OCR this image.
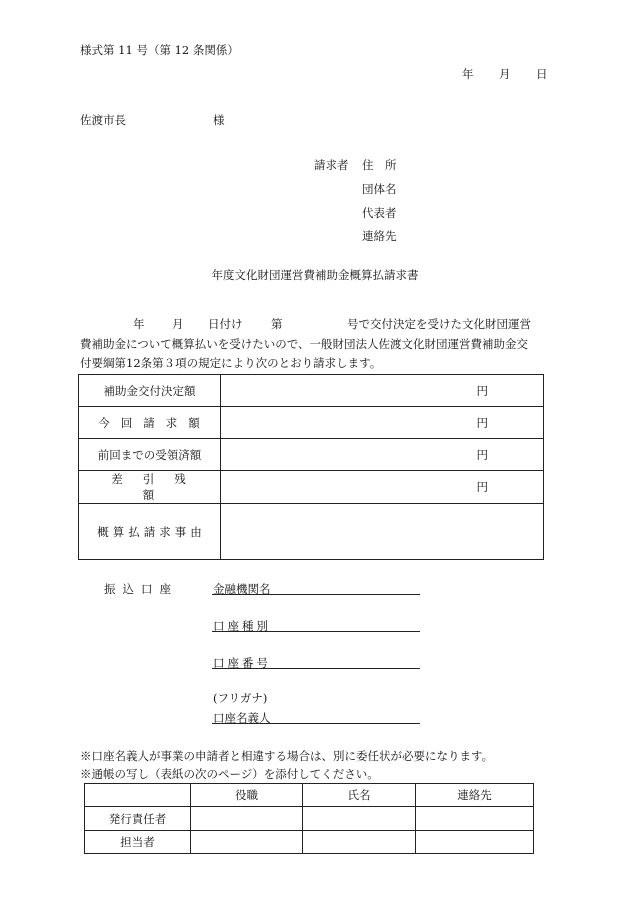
様式第 11 号（第 12 条関係）
年 月 日
佐渡市長	様
請求者 住　所
団体名
代表者
連絡先
年度文化財団運営費補助金概算払請求書
年 月 日付け 第	号で交付決定を受けた文化財団運営
費補助金について概算払いを受けたいので、一般財団法人佐渡文化財団運営費補助金交
付要綱第12条第３項の規定により次のとおり請求します。
補助金交付決定額	円
今回請求額	円
前回までの受領済額	円
差引残額	円
概算払請求事由	
振込口座	金融機関名
口座種別
口座番号
(フリガナ)
口座名義人
※口座名義人が事業の申請者と相違する場合は、別に委任状が必要になります。
※通帳の写し（表紙の次のページ）を添付してください。
	役職	氏名	連絡先
発行責任者			
担当者			
